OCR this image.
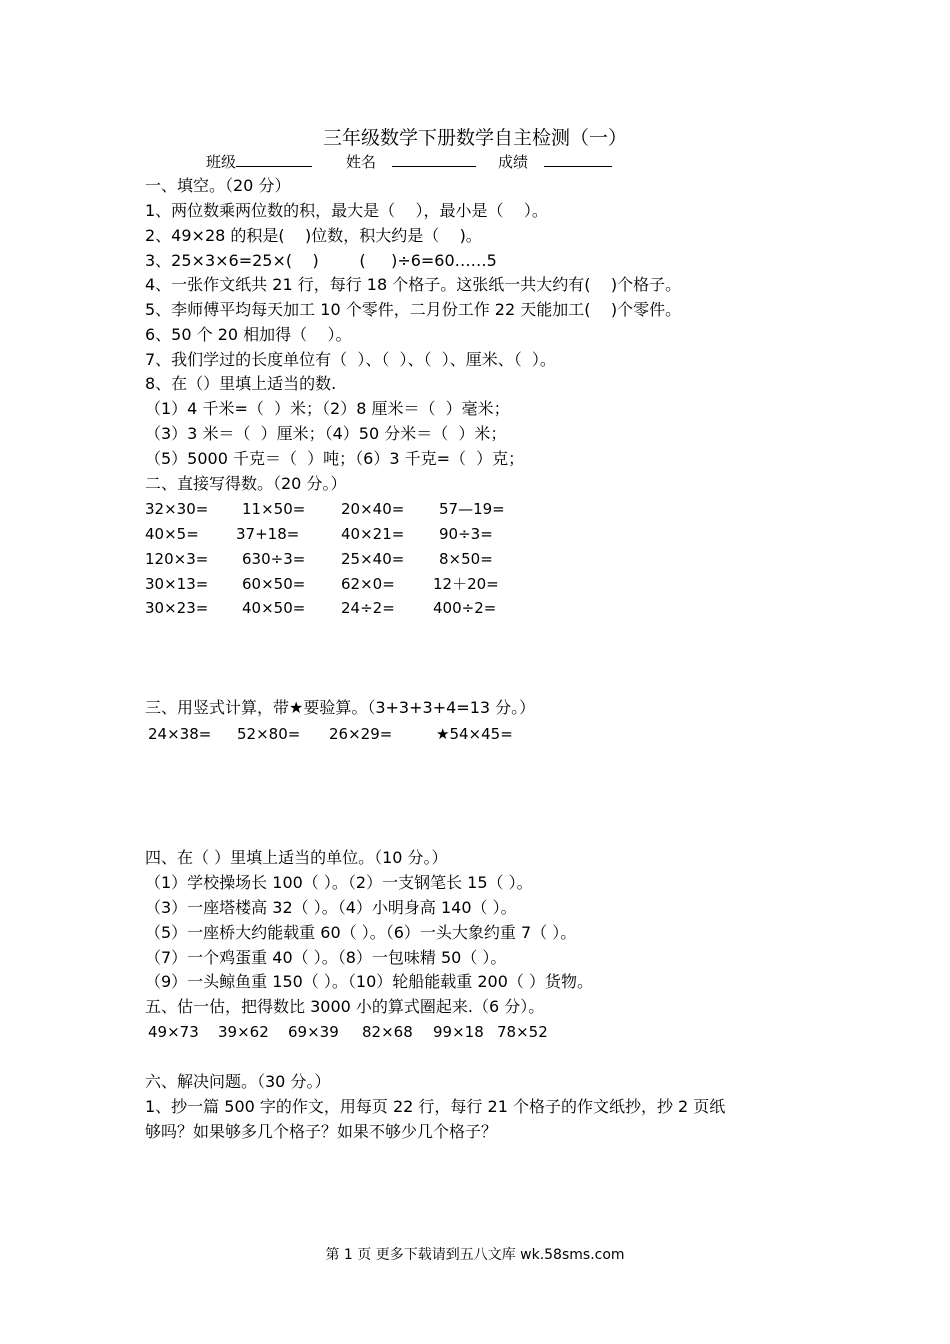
三年级数学下册数学自主检测（一）
班级	姓名	成绩
一、填空。（20 分）
1、两位数乘两位数的积，最大是（    ），最小是（    ）。
2、49×28 的积是(    )位数，积大约是（    )。
3、25×3×6=25×(    )        (     )÷6=60……5
4、一张作文纸共 21 行，每行 18 个格子。这张纸一共大约有(    )个格子。
5、李师傅平均每天加工 10 个零件，二月份工作 22 天能加工(    )个零件。
6、50 个 20 相加得（    ）。
7、我们学过的长度单位有（  ）、（  ）、（  ）、厘米、（  ）。
8、在（）里填上适当的数.
（1）4 千米=（  ）米；（2）8 厘米＝（  ）毫米；
（3）3 米＝（  ）厘米；（4）50 分米＝（  ）米；
（5）5000 千克＝（  ）吨；（6）3 千克=（  ）克；
二、直接写得数。（20 分。）
32×30= 11×50= 20×40= 57—19=
40×5= 37+18=	40×21= 90÷3=
120×3= 630÷3= 25×40= 8×50=
30×13= 60×50= 62×0=	12＋20=
30×23= 40×50= 24÷2=	400÷2=
三、用竖式计算，带★要验算。（3+3+3+4=13 分。）
24×38= 52×80= 26×29=	★54×45=
四、在（ ）里填上适当的单位。（10 分。）
（1）学校操场长 100（ ）。（2）一支钢笔长 15（ ）。
（3）一座塔楼高 32（ ）。（4）小明身高 140（ ）。
（5）一座桥大约能载重 60（ ）。（6）一头大象约重 7（ ）。
（7）一个鸡蛋重 40（ ）。（8）一包味精 50（ ）。
（9）一头鲸鱼重 150（ ）。（10）轮船能载重 200（ ）货物。
五、估一估，把得数比 3000 小的算式圈起来.（6 分）。
49×73 39×62 69×39 82×68 99×18 78×52
六、解决问题。（30 分。）
1、抄一篇 500 字的作文，用每页 22 行，每行 21 个格子的作文纸抄，抄 2 页纸
够吗？如果够多几个格子？如果不够少几个格子？
第 1 页 更多下载请到五八文库 wk.58sms.com
